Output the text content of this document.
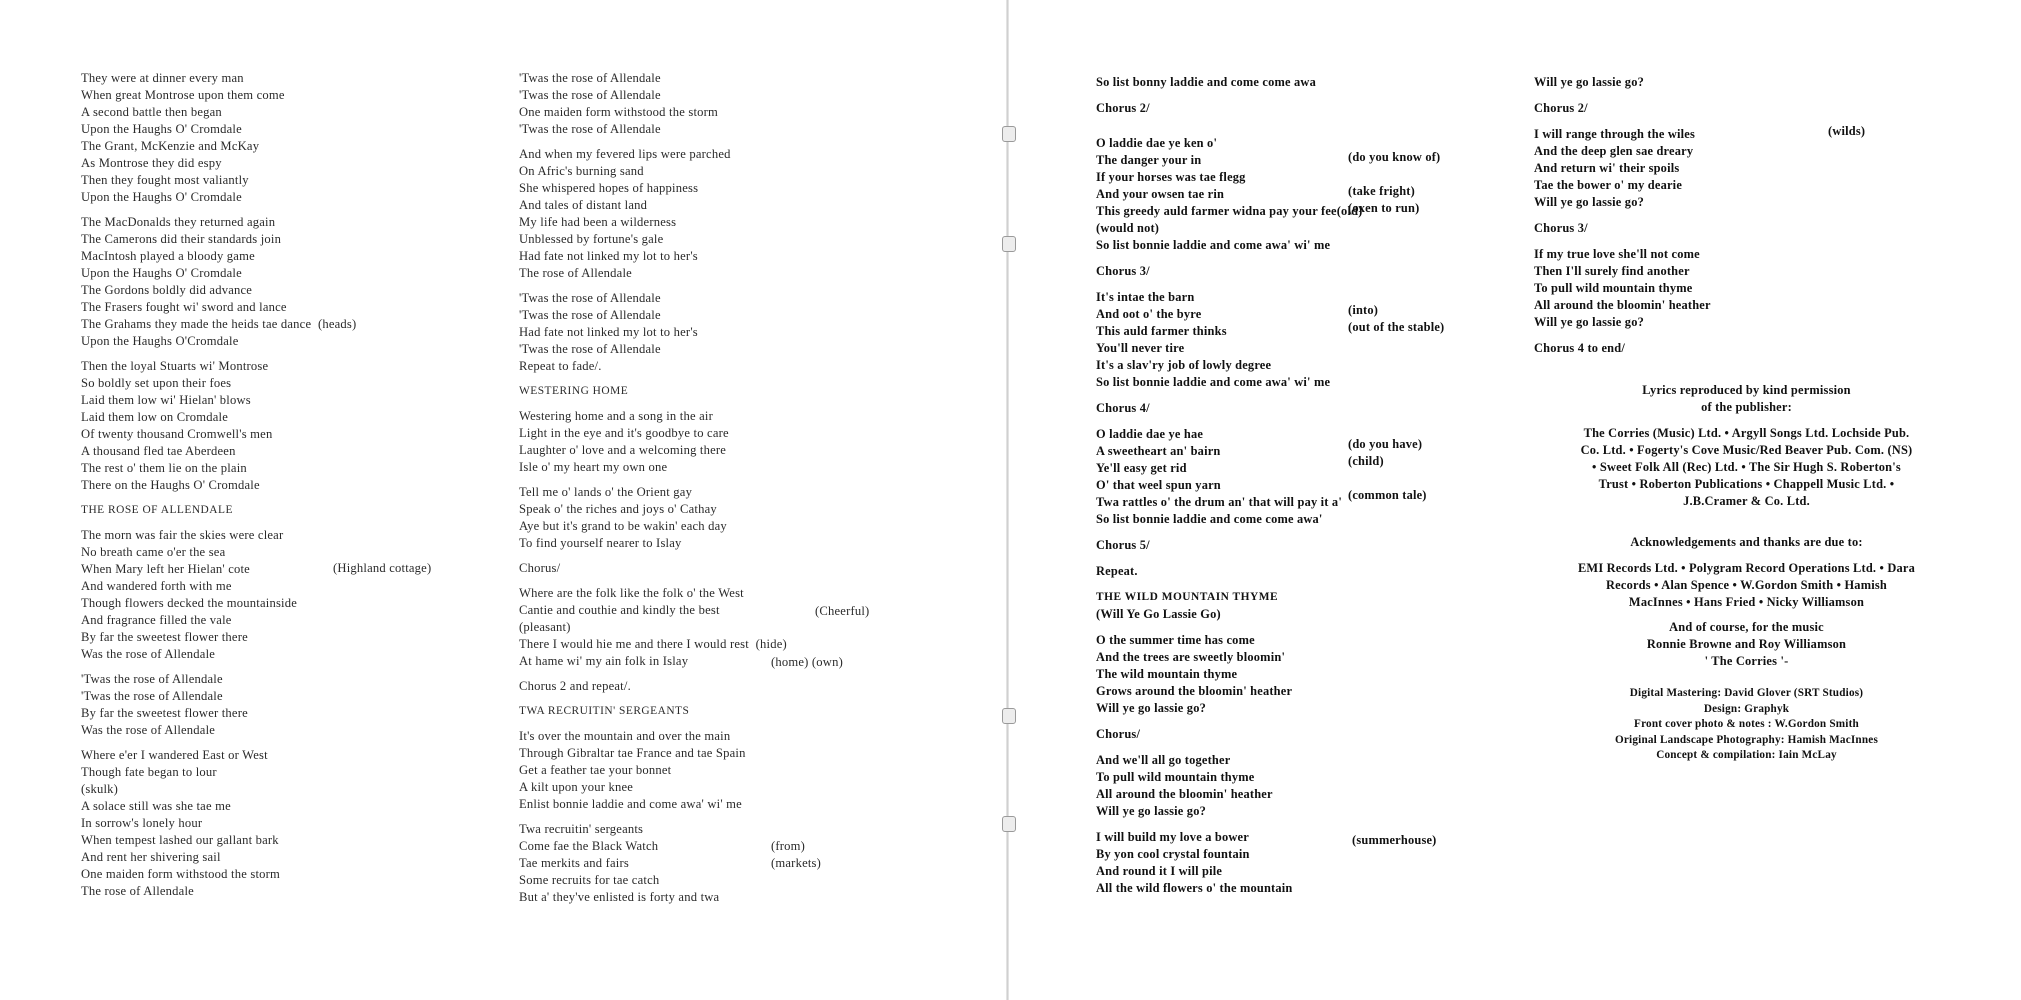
They were at dinner every man
When great Montrose upon them come
A second battle then began
Upon the Haughs O' Cromdale
The Grant, McKenzie and McKay
As Montrose they did espy
Then they fought most valiantly
Upon the Haughs O' Cromdale
The MacDonalds they returned again
The Camerons did their standards join
MacIntosh played a bloody game
Upon the Haughs O' Cromdale
The Gordons boldly did advance
The Frasers fought wi' sword and lance
The Grahams they made the heids tae dance  (heads)
Upon the Haughs O'Cromdale
Then the loyal Stuarts wi' Montrose
So boldly set upon their foes
Laid them low wi' Hielan' blows
Laid them low on Cromdale
Of twenty thousand Cromwell's men
A thousand fled tae Aberdeen
The rest o' them lie on the plain
There on the Haughs O' Cromdale
THE ROSE OF ALLENDALE
The morn was fair the skies were clear
No breath came o'er the sea
When Mary left her Hielan' cote
And wandered forth with me
Though flowers decked the mountainside
And fragrance filled the vale
By far the sweetest flower there
Was the rose of Allendale
'Twas the rose of Allendale
'Twas the rose of Allendale
By far the sweetest flower there
Was the rose of Allendale
Where e'er I wandered East or West
Though fate began to lour
(skulk)
A solace still was she tae me
In sorrow's lonely hour
When tempest lashed our gallant bark
And rent her shivering sail
One maiden form withstood the storm
The rose of Allendale
(Highland cottage)
'Twas the rose of Allendale
'Twas the rose of Allendale
One maiden form withstood the storm
'Twas the rose of Allendale
And when my fevered lips were parched
On Afric's burning sand
She whispered hopes of happiness
And tales of distant land
My life had been a wilderness
Unblessed by fortune's gale
Had fate not linked my lot to her's
The rose of Allendale
'Twas the rose of Allendale
'Twas the rose of Allendale
Had fate not linked my lot to her's
'Twas the rose of Allendale
Repeat to fade/.
WESTERING HOME
Westering home and a song in the air
Light in the eye and it's goodbye to care
Laughter o' love and a welcoming there
Isle o' my heart my own one
Tell me o' lands o' the Orient gay
Speak o' the riches and joys o' Cathay
Aye but it's grand to be wakin' each day
To find yourself nearer to Islay
Chorus/
Where are the folk like the folk o' the West
Cantie and couthie and kindly the best
(pleasant)
There I would hie me and there I would rest  (hide)
At hame wi' my ain folk in Islay
Chorus 2 and repeat/.
TWA RECRUITIN' SERGEANTS
It's over the mountain and over the main
Through Gibraltar tae France and tae Spain
Get a feather tae your bonnet
A kilt upon your knee
Enlist bonnie laddie and come awa' wi' me
Twa recruitin' sergeants
Come fae the Black Watch
Tae merkits and fairs
Some recruits for tae catch
But a' they've enlisted is forty and twa
(Cheerful)
(home) (own)
(from)
(markets)
So list bonny laddie and come come awa
Chorus 2/
O laddie dae ye ken o'
The danger your in
If your horses was tae flegg
And your owsen tae rin
This greedy auld farmer widna pay your fee(old)
(would not)
So list bonnie laddie and come awa' wi' me
Chorus 3/
It's intae the barn
And oot o' the byre
This auld farmer thinks
You'll never tire
It's a slav'ry job of lowly degree
So list bonnie laddie and come awa' wi' me
Chorus 4/
O laddie dae ye hae
A sweetheart an' bairn
Ye'll easy get rid
O' that weel spun yarn
Twa rattles o' the drum an' that will pay it a'
So list bonnie laddie and come come awa'
Chorus 5/
Repeat.
THE WILD MOUNTAIN THYME
(Will Ye Go Lassie Go)
O the summer time has come
And the trees are sweetly bloomin'
The wild mountain thyme
Grows around the bloomin' heather
Will ye go lassie go?
Chorus/
And we'll all go together
To pull wild mountain thyme
All around the bloomin' heather
Will ye go lassie go?
I will build my love a bower
By yon cool crystal fountain
And round it I will pile
All the wild flowers o' the mountain
(do you know of)
(take fright)
(oxen to run)
(into)
(out of the stable)
(do you have)
(child)
(common tale)
(summerhouse)
Will ye go lassie go?
Chorus 2/
I will range through the wiles
And the deep glen sae dreary
And return wi' their spoils
Tae the bower o' my dearie
Will ye go lassie go?
Chorus 3/
If my true love she'll not come
Then I'll surely find another
To pull wild mountain thyme
All around the bloomin' heather
Will ye go lassie go?
Chorus 4 to end/
(wilds)
Lyrics reproduced by kind permission
of the publisher:
The Corries (Music) Ltd. • Argyll Songs Ltd. Lochside Pub.
Co. Ltd. • Fogerty's Cove Music/Red Beaver Pub. Com. (NS)
• Sweet Folk All (Rec) Ltd. • The Sir Hugh S. Roberton's
Trust • Roberton Publications • Chappell Music Ltd. •
J.B.Cramer & Co. Ltd.
Acknowledgements and thanks are due to:
EMI Records Ltd. • Polygram Record Operations Ltd. • Dara
Records • Alan Spence • W.Gordon Smith • Hamish
MacInnes • Hans Fried • Nicky Williamson
And of course, for the music
Ronnie Browne and Roy Williamson
' The Corries '-
Digital Mastering: David Glover (SRT Studios)
Design: Graphyk
Front cover photo & notes : W.Gordon Smith
Original Landscape Photography: Hamish MacInnes
Concept & compilation: Iain McLay
